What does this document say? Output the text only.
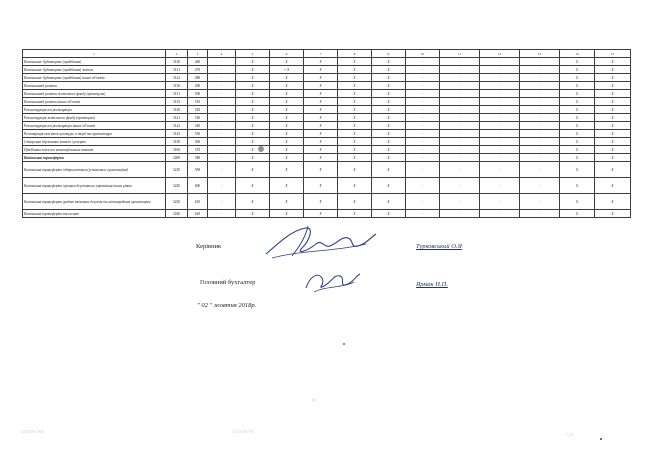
1	2	3	4	5	6	7	8	9	10	11	12	13	14	15
Капітальне будівництво (придбання)	3120	460	-	X	X	X	X	X	-	-	-	-	X	X
Капітальне будівництво (придбання) житла	3121	470	-	X	+ X	X	X	X	-	-	-	-	X	X
Капітальне будівництво (придбання) інших об'єктів	3122	480	-	X	X	X	X	X	-	-	-	-	X	X
Капітальний ремонт	3130	490	-	X	X	X	X	X	-	-	-	-	X	X
Капітальний ремонт житлового фонду (приміщень)	3131	500	-	X	X	X	X	X	-	-	-	-	X	X
Капітальний ремонт інших об'єктів	3132	510	-	X	X	X	X	X	-	-	-	-	X	X
Реконструкція та реставрація	3140	520	-	X	X	X	X	X	-	-	-	-	X	X
Реконструкція житлового фонду (приміщень)	3141	530	-	X	X	X	X	X	-	-	-	-	X	X
Реконструкція та реставрація інших об'єктів	3142	540	-	X	X	X	X	X	-	-	-	-	X	X
Реставрація пам'яток культури, історії та архітектури	3143	550	-	X	X	X	X	X	-	-	-	-	X	X
Створення державних запасів і резервів	3150	560	-	X	X	X	X	X	-	-	-	-	X	X
Придбання землі та нематеріальних активів	3160	570	-	X	X	X	X	X	-	-	-	-	X	X
Капітальні трансферти	3200	580	-	X	X	X	X	X	-	-	-	-	X	X
Капітальні трансферти підприємствам (установам, організаціям)	3210	590	-	X	X	X	X	X	-	-	-	-	X	X
Капітальні трансферти органам державного управління інших рівнів	3220	600	-	X	X	X	X	X	-	-	-	-	X	X
Капітальні трансферти урядам іноземних держав та міжнародним організаціям	3230	610	-	X	X	X	X	X	-	-	-	-	X	X
Капітальні трансферти населенню	3240	620	-	X	X	X	X	X	-	-	-	-	X	X
Керівник	Турковський О.Я
Головний бухгалтер	Ярмак Н.П.
" 02 " жовтня 2018р.
1 2 3 4 5 6 7 8 9	1 2 3 4 5 6 7 8
1 2 3
